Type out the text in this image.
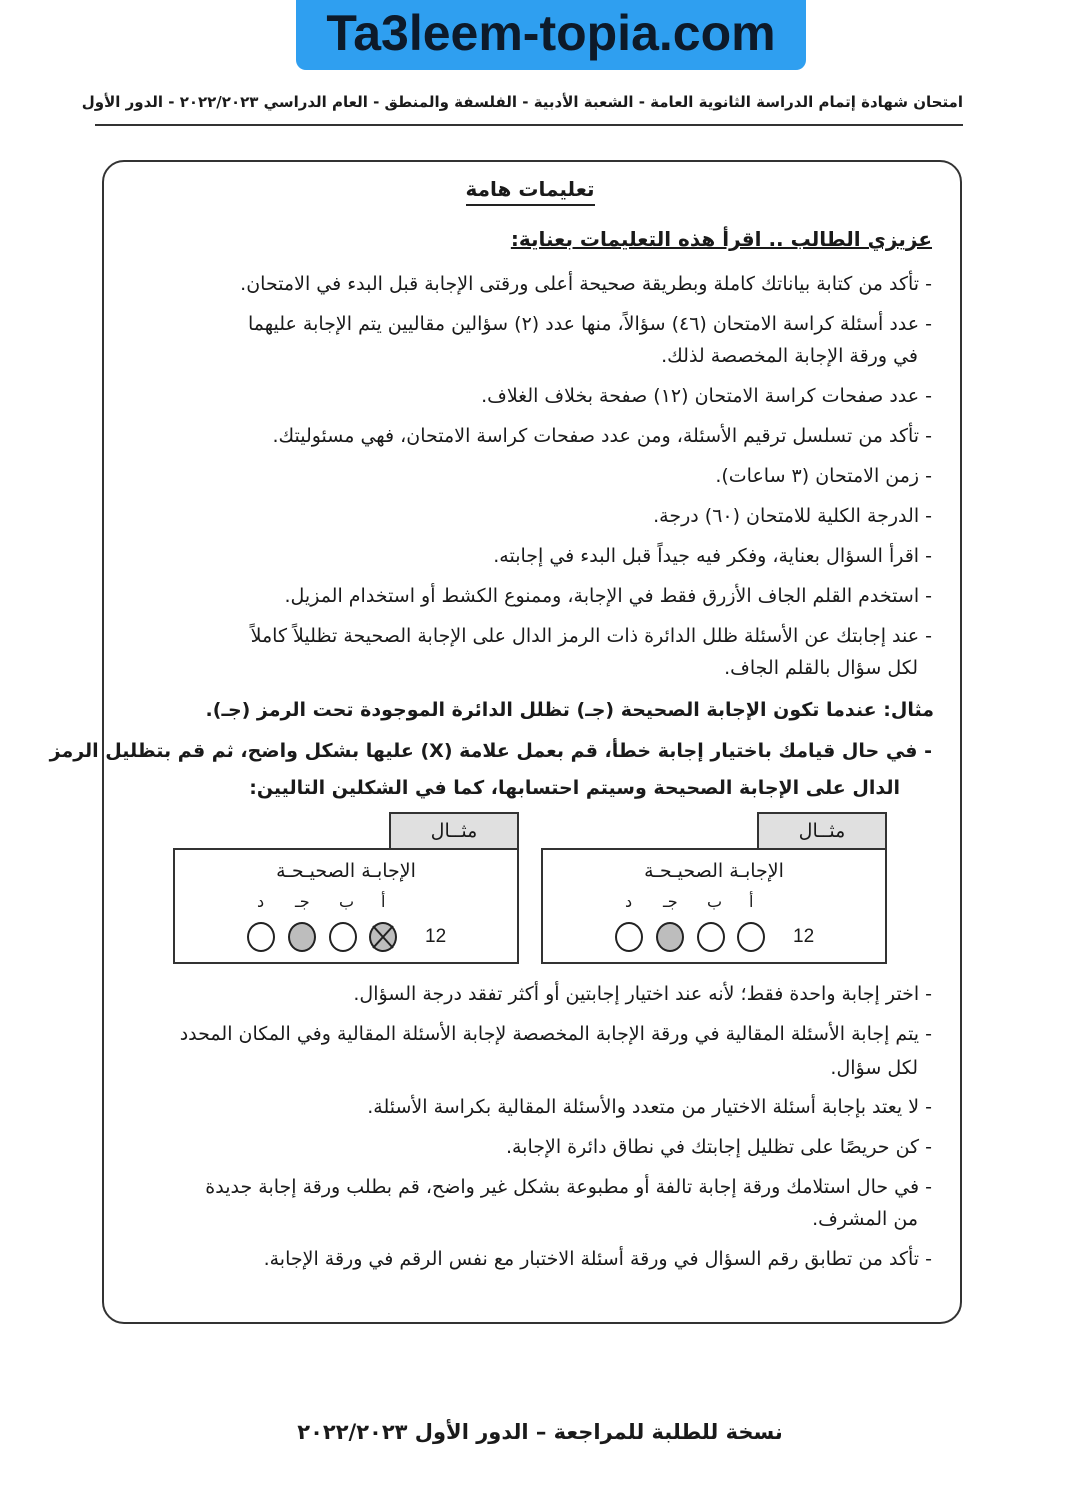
Ta3leem-topia.com
امتحان شهادة إتمام الدراسة الثانوية العامة - الشعبة الأدبية - الفلسفة والمنطق - العام الدراسي ٢٠٢٢/٢٠٢٣ - الدور الأول
تعليمات هامة
عزيزي الطالب .. اقرأ هذه التعليمات بعناية:
- تأكد من كتابة بياناتك كاملة وبطريقة صحيحة أعلى ورقتى الإجابة قبل البدء في الامتحان.
- عدد أسئلة كراسة الامتحان (٤٦) سؤالاً، منها عدد (٢) سؤالين مقاليين يتم الإجابة عليهما
في ورقة الإجابة المخصصة لذلك.
- عدد صفحات كراسة الامتحان (١٢) صفحة بخلاف الغلاف.
- تأكد من تسلسل ترقيم الأسئلة، ومن عدد صفحات كراسة الامتحان، فهي مسئوليتك.
- زمن الامتحان (٣ ساعات).
- الدرجة الكلية للامتحان (٦٠) درجة.
- اقرأ السؤال بعناية، وفكر فيه جيداً قبل البدء في إجابته.
- استخدم القلم الجاف الأزرق فقط في الإجابة، وممنوع الكشط أو استخدام المزيل.
- عند إجابتك عن الأسئلة ظلل الدائرة ذات الرمز الدال على الإجابة الصحيحة تظليلاً كاملاً
لكل سؤال بالقلم الجاف.
مثال: عندما تكون الإجابة الصحيحة (جـ) تظلل الدائرة الموجودة تحت الرمز (جـ).
- في حال قيامك باختيار إجابة خطأ، قم بعمل علامة (X) عليها بشكل واضح، ثم قم بتظليل الرمز
الدال على الإجابة الصحيحة وسيتم احتسابها، كما في الشكلين التاليين:
مثــال
الإجابـة الصحيـحـة
أ
ب
جـ
د
12
مثــال
الإجابـة الصحيـحـة
أ
ب
جـ
د
12
- اختر إجابة واحدة فقط؛ لأنه عند اختيار إجابتين أو أكثر تفقد درجة السؤال.
- يتم إجابة الأسئلة المقالية في ورقة الإجابة المخصصة لإجابة الأسئلة المقالية وفي المكان المحدد
لكل سؤال.
- لا يعتد بإجابة أسئلة الاختيار من متعدد والأسئلة المقالية بكراسة الأسئلة.
- كن حريصًا على تظليل إجابتك في نطاق دائرة الإجابة.
- في حال استلامك ورقة إجابة تالفة أو مطبوعة بشكل غير واضح، قم بطلب ورقة إجابة جديدة
من المشرف.
- تأكد من تطابق رقم السؤال في ورقة أسئلة الاختبار مع نفس الرقم في ورقة الإجابة.
نسخة للطلبة للمراجعة – الدور الأول ٢٠٢٢/٢٠٢٣
